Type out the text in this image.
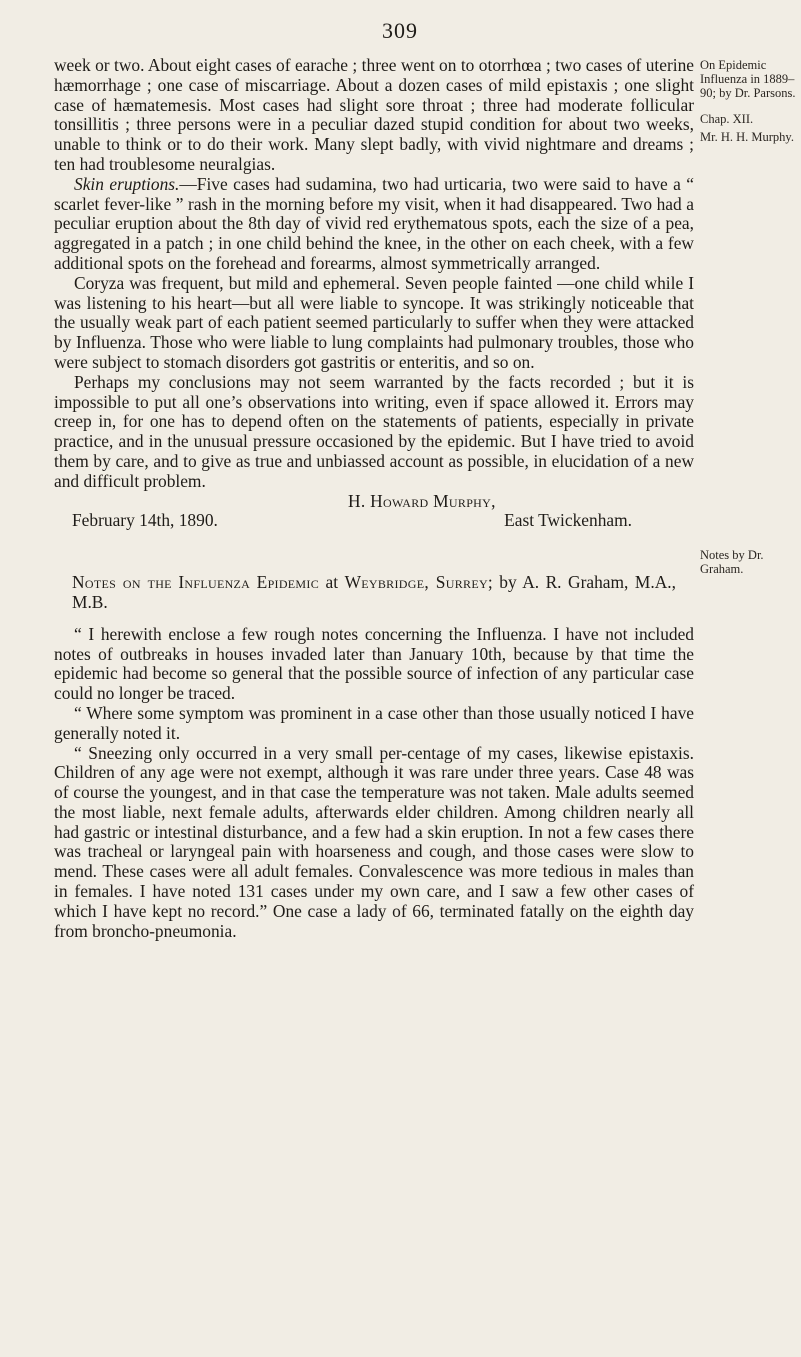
309
On Epidemic Influenza in 1889–90; by Dr. Parsons.
Chap. XII.
Mr. H. H. Murphy.
Notes by Dr. Graham.

week or two. About eight cases of earache ; three went on to otorrhœa ; two cases of uterine hæmorrhage ; one case of miscarriage. About a dozen cases of mild epistaxis ; one slight case of hæmatemesis. Most cases had slight sore throat ; three had moderate follicular tonsillitis ; three persons were in a peculiar dazed stupid condition for about two weeks, unable to think or to do their work. Many slept badly, with vivid nightmare and dreams ; ten had troublesome neuralgias.

Skin eruptions.—Five cases had sudamina, two had urticaria, two were said to have a “ scarlet fever-like ” rash in the morning before my visit, when it had disappeared. Two had a peculiar eruption about the 8th day of vivid red erythematous spots, each the size of a pea, aggregated in a patch ; in one child behind the knee, in the other on each cheek, with a few additional spots on the forehead and forearms, almost symmetrically arranged.

Coryza was frequent, but mild and ephemeral. Seven people fainted —one child while I was listening to his heart—but all were liable to syncope. It was strikingly noticeable that the usually weak part of each patient seemed particularly to suffer when they were attacked by Influenza. Those who were liable to lung complaints had pulmonary troubles, those who were subject to stomach disorders got gastritis or enteritis, and so on.

Perhaps my conclusions may not seem warranted by the facts recorded ; but it is impossible to put all one’s observations into writing, even if space allowed it. Errors may creep in, for one has to depend often on the statements of patients, especially in private practice, and in the unusual pressure occasioned by the epidemic. But I have tried to avoid them by care, and to give as true and unbiassed account as possible, in elucidation of a new and difficult problem.

H. Howard Murphy,
February 14th, 1890.	East Twickenham.

Notes on the Influenza Epidemic at Weybridge, Surrey; by A. R. Graham, M.A., M.B.

“ I herewith enclose a few rough notes concerning the Influenza. I have not included notes of outbreaks in houses invaded later than January 10th, because by that time the epidemic had become so general that the possible source of infection of any particular case could no longer be traced.

“ Where some symptom was prominent in a case other than those usually noticed I have generally noted it.

“ Sneezing only occurred in a very small per-centage of my cases, likewise epistaxis. Children of any age were not exempt, although it was rare under three years. Case 48 was of course the youngest, and in that case the temperature was not taken. Male adults seemed the most liable, next female adults, afterwards elder children. Among children nearly all had gastric or intestinal disturbance, and a few had a skin eruption. In not a few cases there was tracheal or laryngeal pain with hoarseness and cough, and those cases were slow to mend. These cases were all adult females. Convalescence was more tedious in males than in females. I have noted 131 cases under my own care, and I saw a few other cases of which I have kept no record.” One case a lady of 66, terminated fatally on the eighth day from broncho-pneumonia.
